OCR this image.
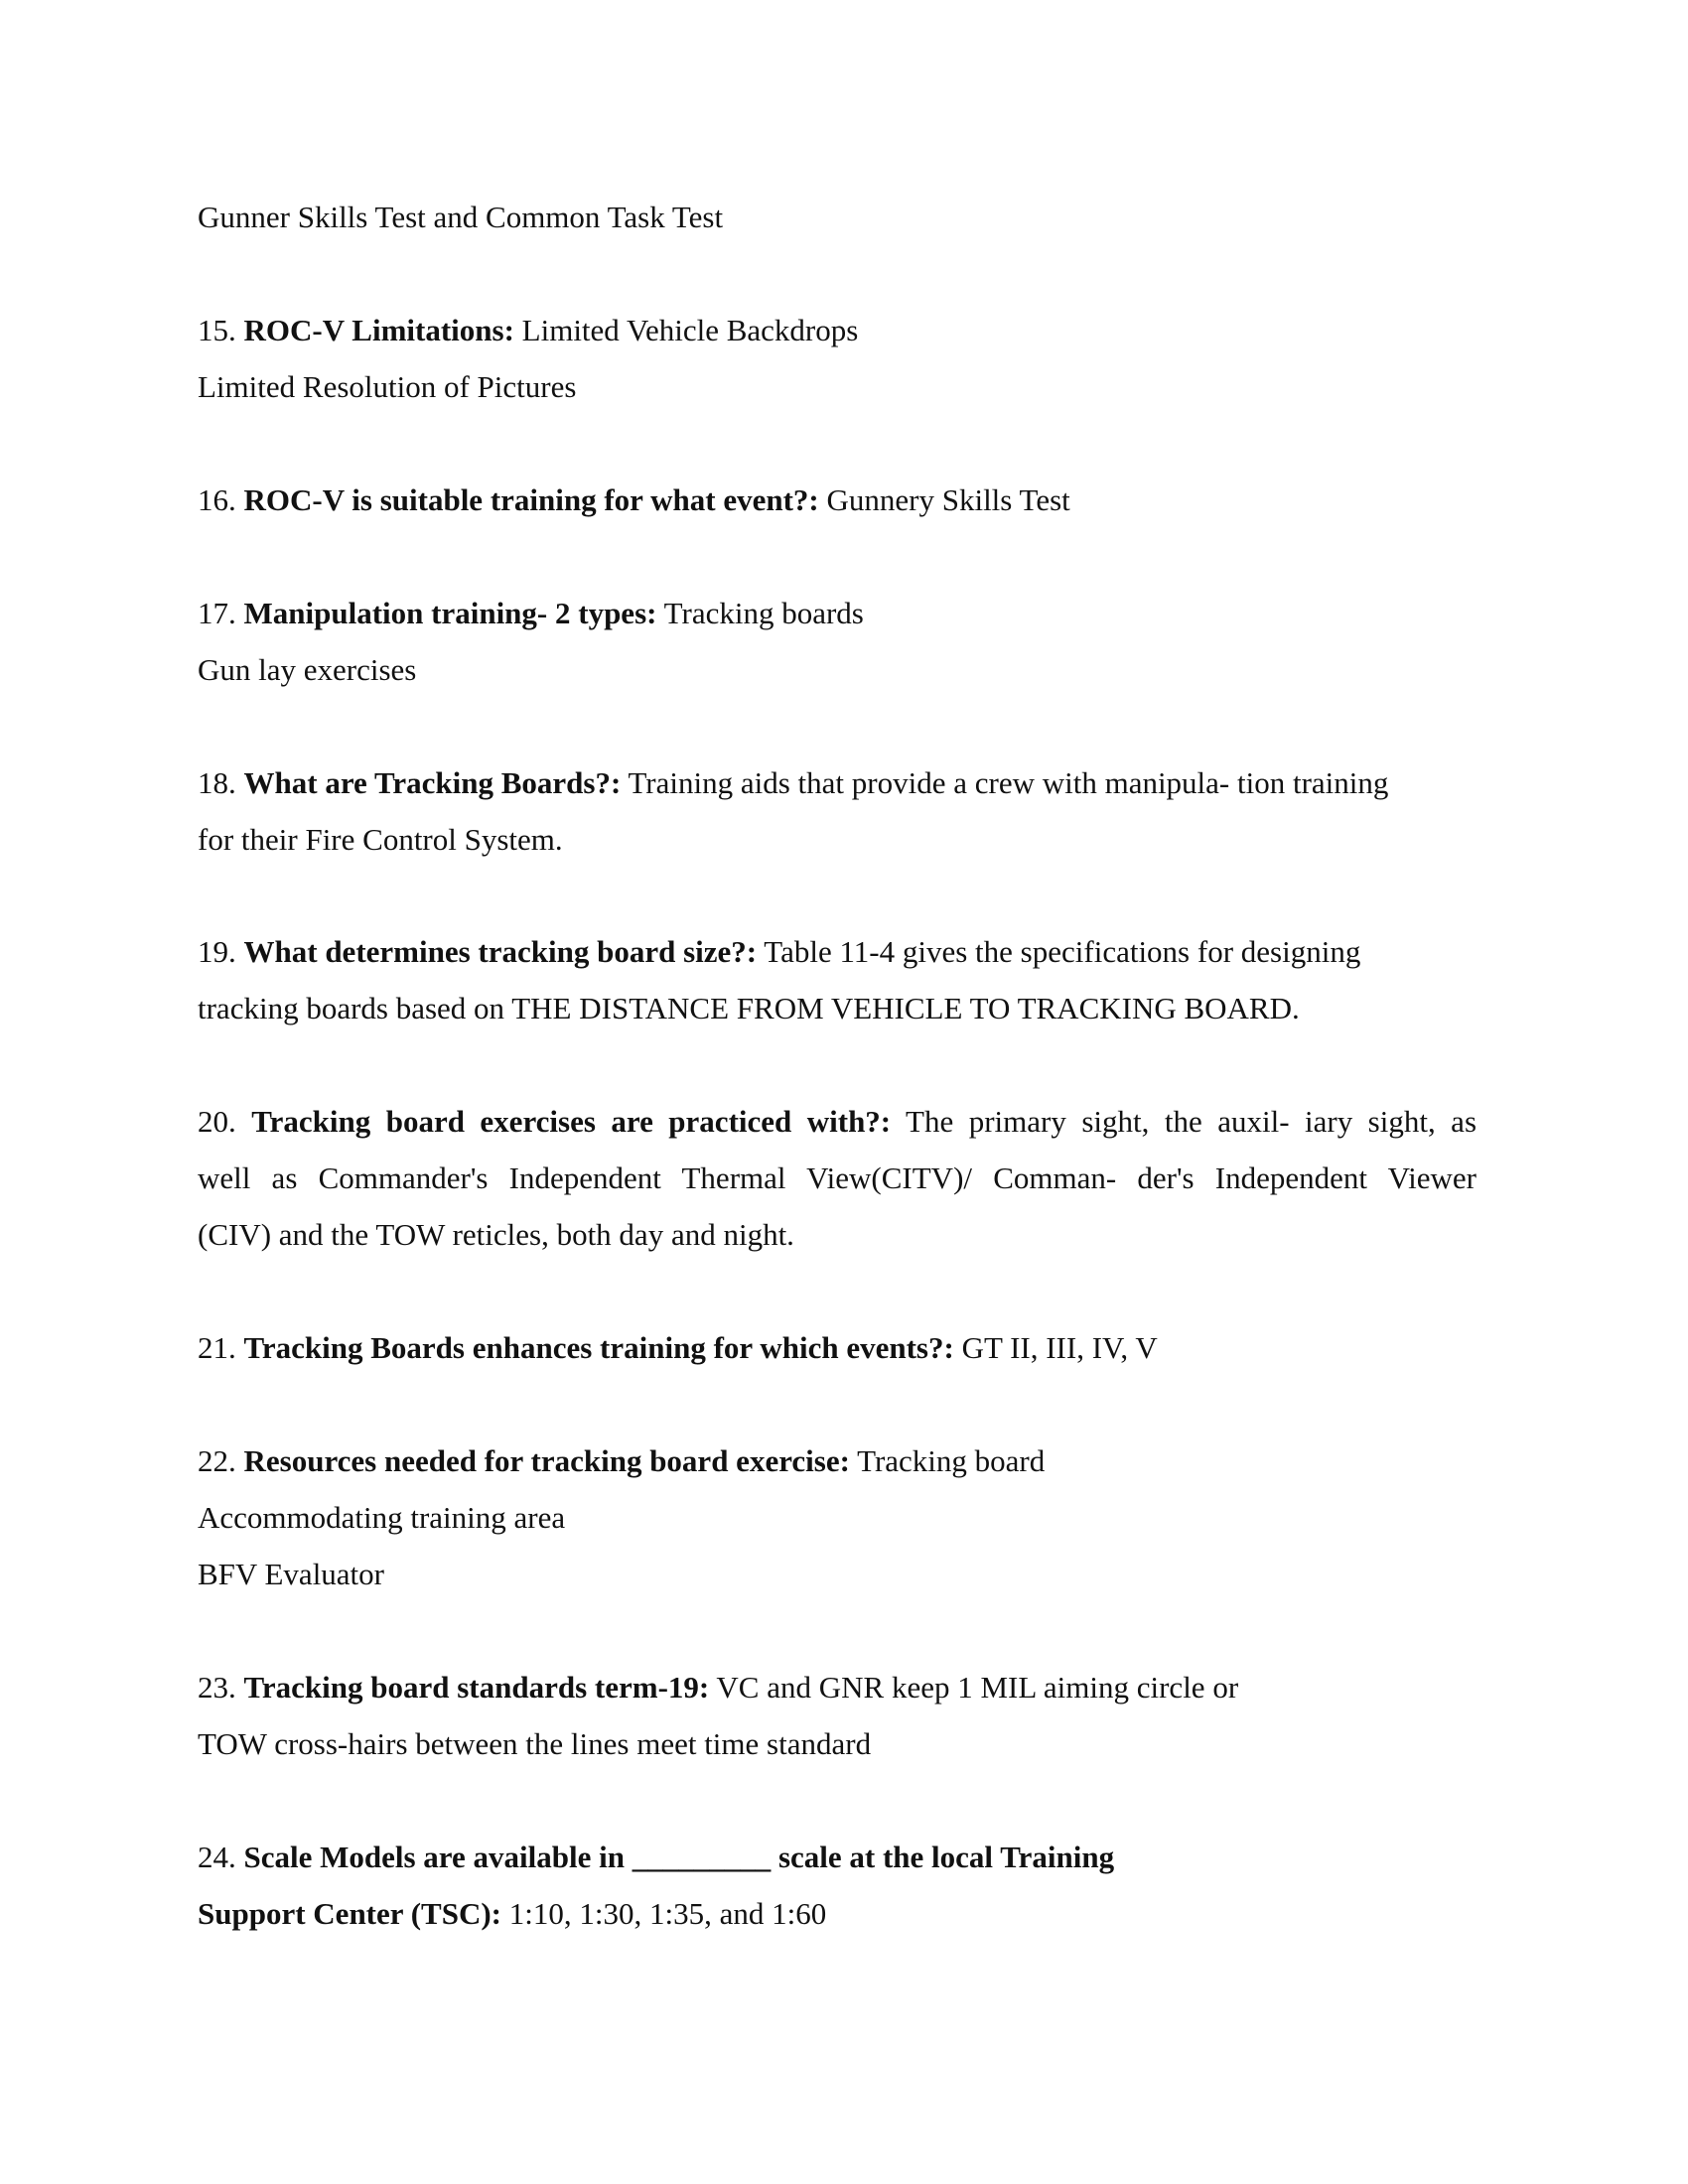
Gunner Skills Test and Common Task Test
15. ROC-V Limitations: Limited Vehicle Backdrops
Limited Resolution of Pictures
16. ROC-V is suitable training for what event?: Gunnery Skills Test
17. Manipulation training- 2 types: Tracking boards
Gun lay exercises
18. What are Tracking Boards?: Training aids that provide a crew with manipula- tion training
for their Fire Control System.
19. What determines tracking board size?: Table 11-4 gives the specifications for designing
tracking boards based on THE DISTANCE FROM VEHICLE TO TRACKING BOARD.
20. Tracking board exercises are practiced with?: The primary sight, the auxil- iary sight, as
well as Commander's Independent Thermal View(CITV)/ Comman- der's Independent Viewer
(CIV) and the TOW reticles, both day and night.
21. Tracking Boards enhances training for which events?: GT II, III, IV, V
22. Resources needed for tracking board exercise: Tracking board
Accommodating training area
BFV Evaluator
23. Tracking board standards term-19: VC and GNR keep 1 MIL aiming circle or
TOW cross-hairs between the lines meet time standard
24. Scale Models are available in _________ scale at the local Training
Support Center (TSC): 1:10, 1:30, 1:35, and 1:60
